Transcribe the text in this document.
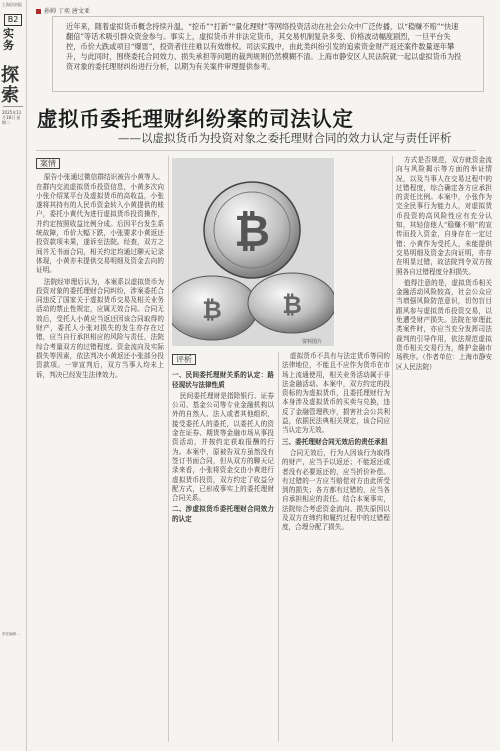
上海法治报
B2
实务
探索
2025年11月18日 星期二
责任编辑 …
孙帅 丁奕 唐文亚
近年来，随着虚拟货币概念持续升温，“挖币”“打新”“量化理财”等网络投资活动在社会公众中广泛传播，以“稳赚不赔”“快速翻倍”等话术吸引群众资金参与。事实上，虚拟货币并非法定货币，其交易机制复杂多变、价格波动幅度剧烈，一旦平台失控，币价大跌或项目“爆雷”，投资者往往难以有效维权。司法实践中，由此类纠纷引发的追索资金财产返还案件数量逐年攀升，与此同时，围绕委托合同效力、损失承担等问题的裁判规则仍然模糊不清。上海市静安区人民法院就一起以虚拟货币为投资对象的委托理财纠纷进行分析，以期为有关案件审理提供参考。
虚拟币委托理财纠纷案的司法认定
——以虚拟货币为投资对象之委托理财合同的效力认定与责任评析
案情

原告小张通过微信群结识被告小黄等人。在群内交流虚拟货币投资信息，小黄多次向小张介绍某平台及虚拟货币的高收益，小张遂将其持有的人民币资金转入小黄提供的账户，委托小黄代为进行虚拟货币投资操作，并约定按照收益比例分成。后因平台发生系统故障，币价大幅下跌，小张要求小黄返还投资款项未果，遂诉至法院。经查，双方之间并无书面合同，相关约定均通过聊天记录体现，小黄亦未提供交易明细及资金去向的证明。

法院经审理后认为，本案系以虚拟货币为投资对象的委托理财合同纠纷，涉案委托合同违反了国家关于虚拟货币交易及相关业务活动的禁止性规定，应属无效合同。合同无效后，受托人小黄应当返还因该合同取得的财产，委托人小张对损失的发生亦存在过错，应当自行承担相应的风险与责任，法院综合考量双方的过错程度、资金流向及实际损失等因素，依法判决小黄返还小张部分投资款项。一审宣判后，双方当事人均未上诉，判决已经发生法律效力。

₿
₿	₿
资料图片
评析
一、民间委托理财关系的认定：路径现状与法律性质

民间委托理财是指除银行、证券公司、基金公司等专业金融机构以外的自然人、法人或者其他组织，接受委托人的委托，以委托人的资金在证券、期货等金融市场从事投资活动，并按约定获取报酬的行为。本案中，原被告双方虽然没有签订书面合同，但从双方的聊天记录来看，小张将资金交由小黄进行虚拟货币投资，双方约定了收益分配方式，已形成事实上的委托理财合同关系。

二、涉虚拟货币委托理财合同效力的认定

虚拟货币不具有与法定货币等同的法律地位，不能且不应作为货币在市场上流通使用，相关业务活动属于非法金融活动。本案中，双方约定的投资标的为虚拟货币，且委托理财行为本身涉及虚拟货币的买卖与兑换，违反了金融管理秩序，损害社会公共利益，依据民法典相关规定，该合同应当认定为无效。

三、委托理财合同无效后的责任承担

合同无效后，行为人因该行为取得的财产，应当予以返还；不能返还或者没有必要返还的，应当折价补偿。有过错的一方应当赔偿对方由此所受到的损失；各方都有过错的，应当各自承担相应的责任。结合本案事实，法院综合考虑资金流向、损失原因以及双方在缔约和履约过程中的过错程度，合理分配了损失。

方式是否规范，双方就资金流向与风险揭示等方面的举证情况，以及当事人在交易过程中的过错程度，综合确定各方应承担的责任比例。本案中，小张作为完全民事行为能力人，对虚拟货币投资的高风险性应有充分认知，其轻信他人“稳赚不赔”的宣传而投入资金，自身存在一定过错；小黄作为受托人，未能提供交易明细及资金去向证明，亦存在明显过错，故法院判令双方按照各自过错程度分担损失。

值得注意的是，虚拟货币相关金融活动风险较高，社会公众应当增强风险防范意识，切勿盲目跟风参与虚拟货币投资交易，以免遭受财产损失。法院在审理此类案件时，亦应当充分发挥司法裁判的引导作用，依法规范虚拟货币相关交易行为，维护金融市场秩序。（作者单位：上海市静安区人民法院）
